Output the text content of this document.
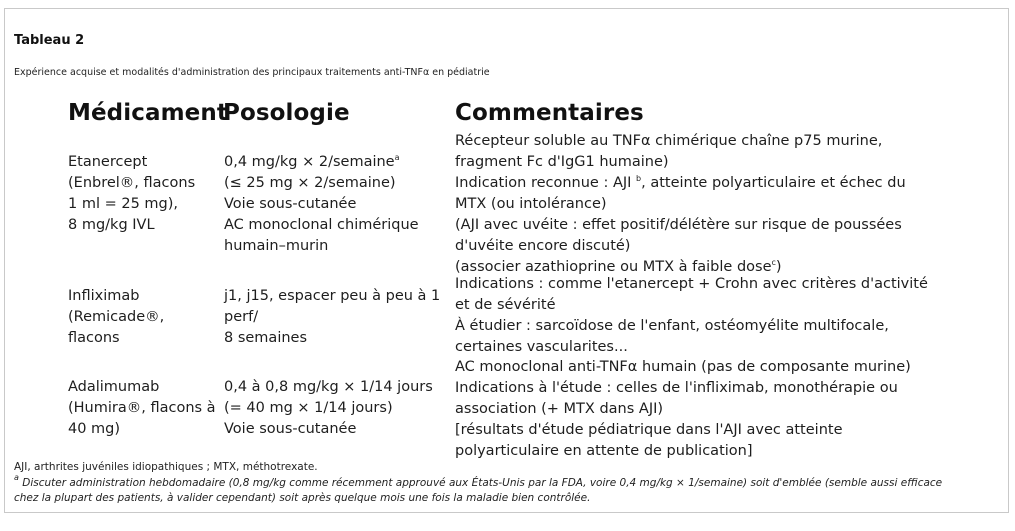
Tableau 2
Expérience acquise et modalités d'administration des principaux traitements anti-TNFα en pédiatrie
Médicament
Posologie	Commentaires
Etanercept
(Enbrel®, flacons
1 ml = 25 mg),
8 mg/kg IVL
0,4 mg/kg × 2/semaine$^a$
(≤ 25 mg × 2/semaine)
Voie sous-cutanée
AC monoclonal chimérique
humain–murin
Récepteur soluble au TNFα chimérique chaîne p75 murine,
fragment Fc d'IgG1 humaine)
Indication reconnue : AJI $^b$, atteinte polyarticulaire et échec du
MTX (ou intolérance)
(AJI avec uvéite : effet positif/délétère sur risque de poussées
d'uvéite encore discuté)
(associer azathioprine ou MTX à faible dose$^c$)
Infliximab
(Remicade®,
flacons
j1, j15, espacer peu à peu à 1
perf/
8 semaines
Indications : comme l'etanercept + Crohn avec critères d'activité
et de sévérité
À étudier : sarcoïdose de l'enfant, ostéomyélite multifocale,
certaines vascularites...
Adalimumab
(Humira®, flacons à
40 mg)
0,4 à 0,8 mg/kg × 1/14 jours
(= 40 mg × 1/14 jours)
Voie sous-cutanée
AC monoclonal anti-TNFα humain (pas de composante murine)
Indications à l'étude : celles de l'infliximab, monothérapie ou
association (+ MTX dans AJI)
[résultats d'étude pédiatrique dans l'AJI avec atteinte
polyarticulaire en attente de publication]
AJI, arthrites juvéniles idiopathiques ; MTX, méthotrexate.
$^a$ Discuter administration hebdomadaire (0,8 mg/kg comme récemment approuvé aux États-Unis par la FDA, voire 0,4 mg/kg × 1/semaine) soit d'emblée (semble aussi efficace
chez la plupart des patients, à valider cependant) soit après quelque mois une fois la maladie bien contrôlée.
